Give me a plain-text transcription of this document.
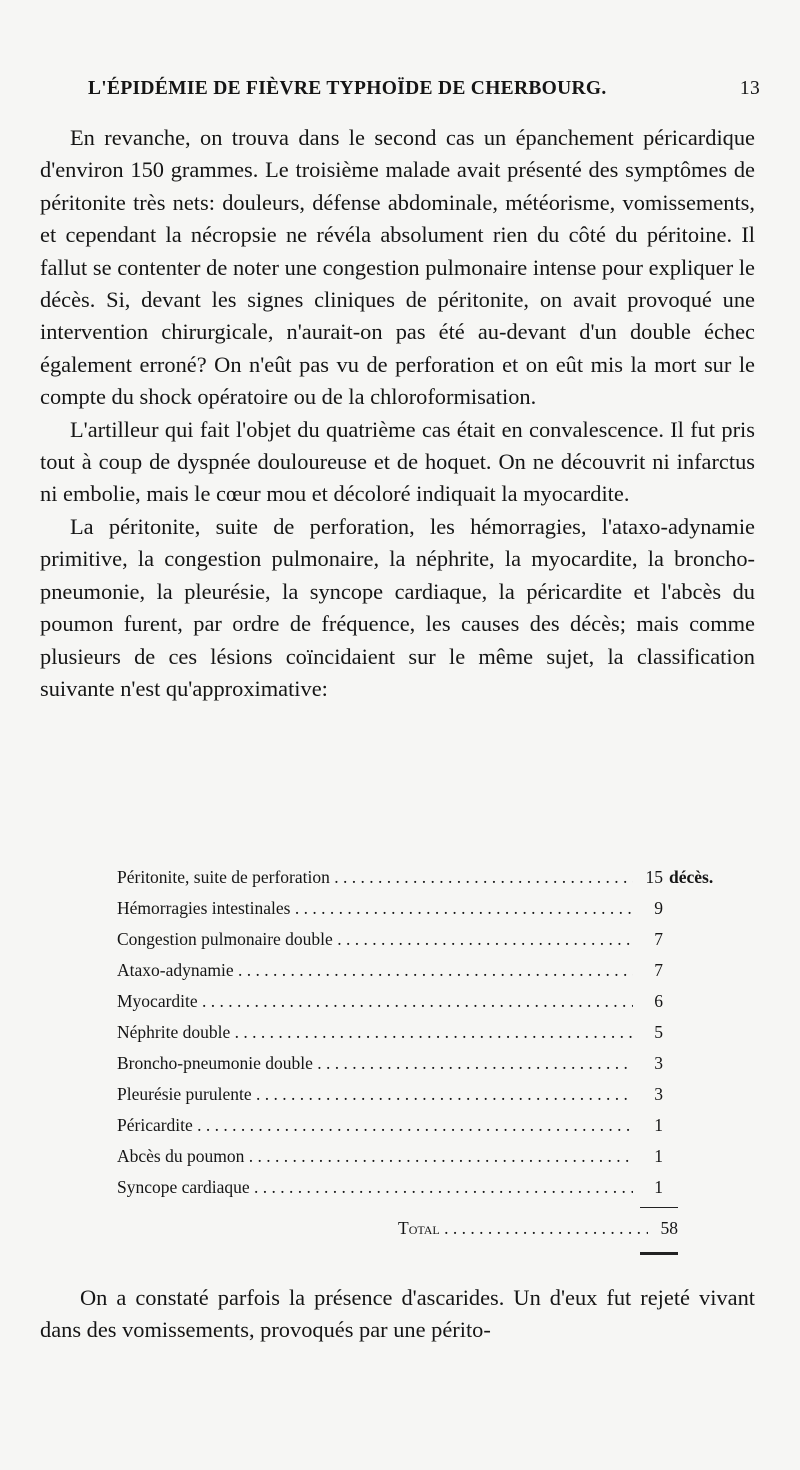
L'ÉPIDÉMIE DE FIÈVRE TYPHOÏDE DE CHERBOURG.	13

En revanche, on trouva dans le second cas un épanchement péricardique d'environ 150 grammes. Le troisième malade avait présenté des symptômes de péritonite très nets: douleurs, défense abdominale, météorisme, vomissements, et cependant la nécropsie ne révéla absolument rien du côté du péritoine. Il fallut se contenter de noter une congestion pulmonaire intense pour expliquer le décès. Si, devant les signes cliniques de péritonite, on avait provoqué une intervention chirurgicale, n'aurait-on pas été au-devant d'un double échec également erroné? On n'eût pas vu de perforation et on eût mis la mort sur le compte du shock opératoire ou de la chloroformisation.

L'artilleur qui fait l'objet du quatrième cas était en convalescence. Il fut pris tout à coup de dyspnée douloureuse et de hoquet. On ne découvrit ni infarctus ni embolie, mais le cœur mou et décoloré indiquait la myocardite.

La péritonite, suite de perforation, les hémorragies, l'ataxo-adynamie primitive, la congestion pulmonaire, la néphrite, la myocardite, la broncho-pneumonie, la pleurésie, la syncope cardiaque, la péricardite et l'abcès du poumon furent, par ordre de fréquence, les causes des décès; mais comme plusieurs de ces lésions coïncidaient sur le même sujet, la classification suivante n'est qu'approximative:

Péritonite, suite de perforation . . .	15 décès.
Hémorragies intestinales . . .	9
Congestion pulmonaire double . . .	7
Ataxo-adynamie . . .	7
Myocardite . . .	6
Néphrite double . . .	5
Broncho-pneumonie double . . .	3
Pleurésie purulente . . .	3
Péricardite . . .	1
Abcès du poumon . . .	1
Syncope cardiaque . . .	1
Total . . .	58

On a constaté parfois la présence d'ascarides. Un d'eux fut rejeté vivant dans des vomissements, provoqués par une périto-
